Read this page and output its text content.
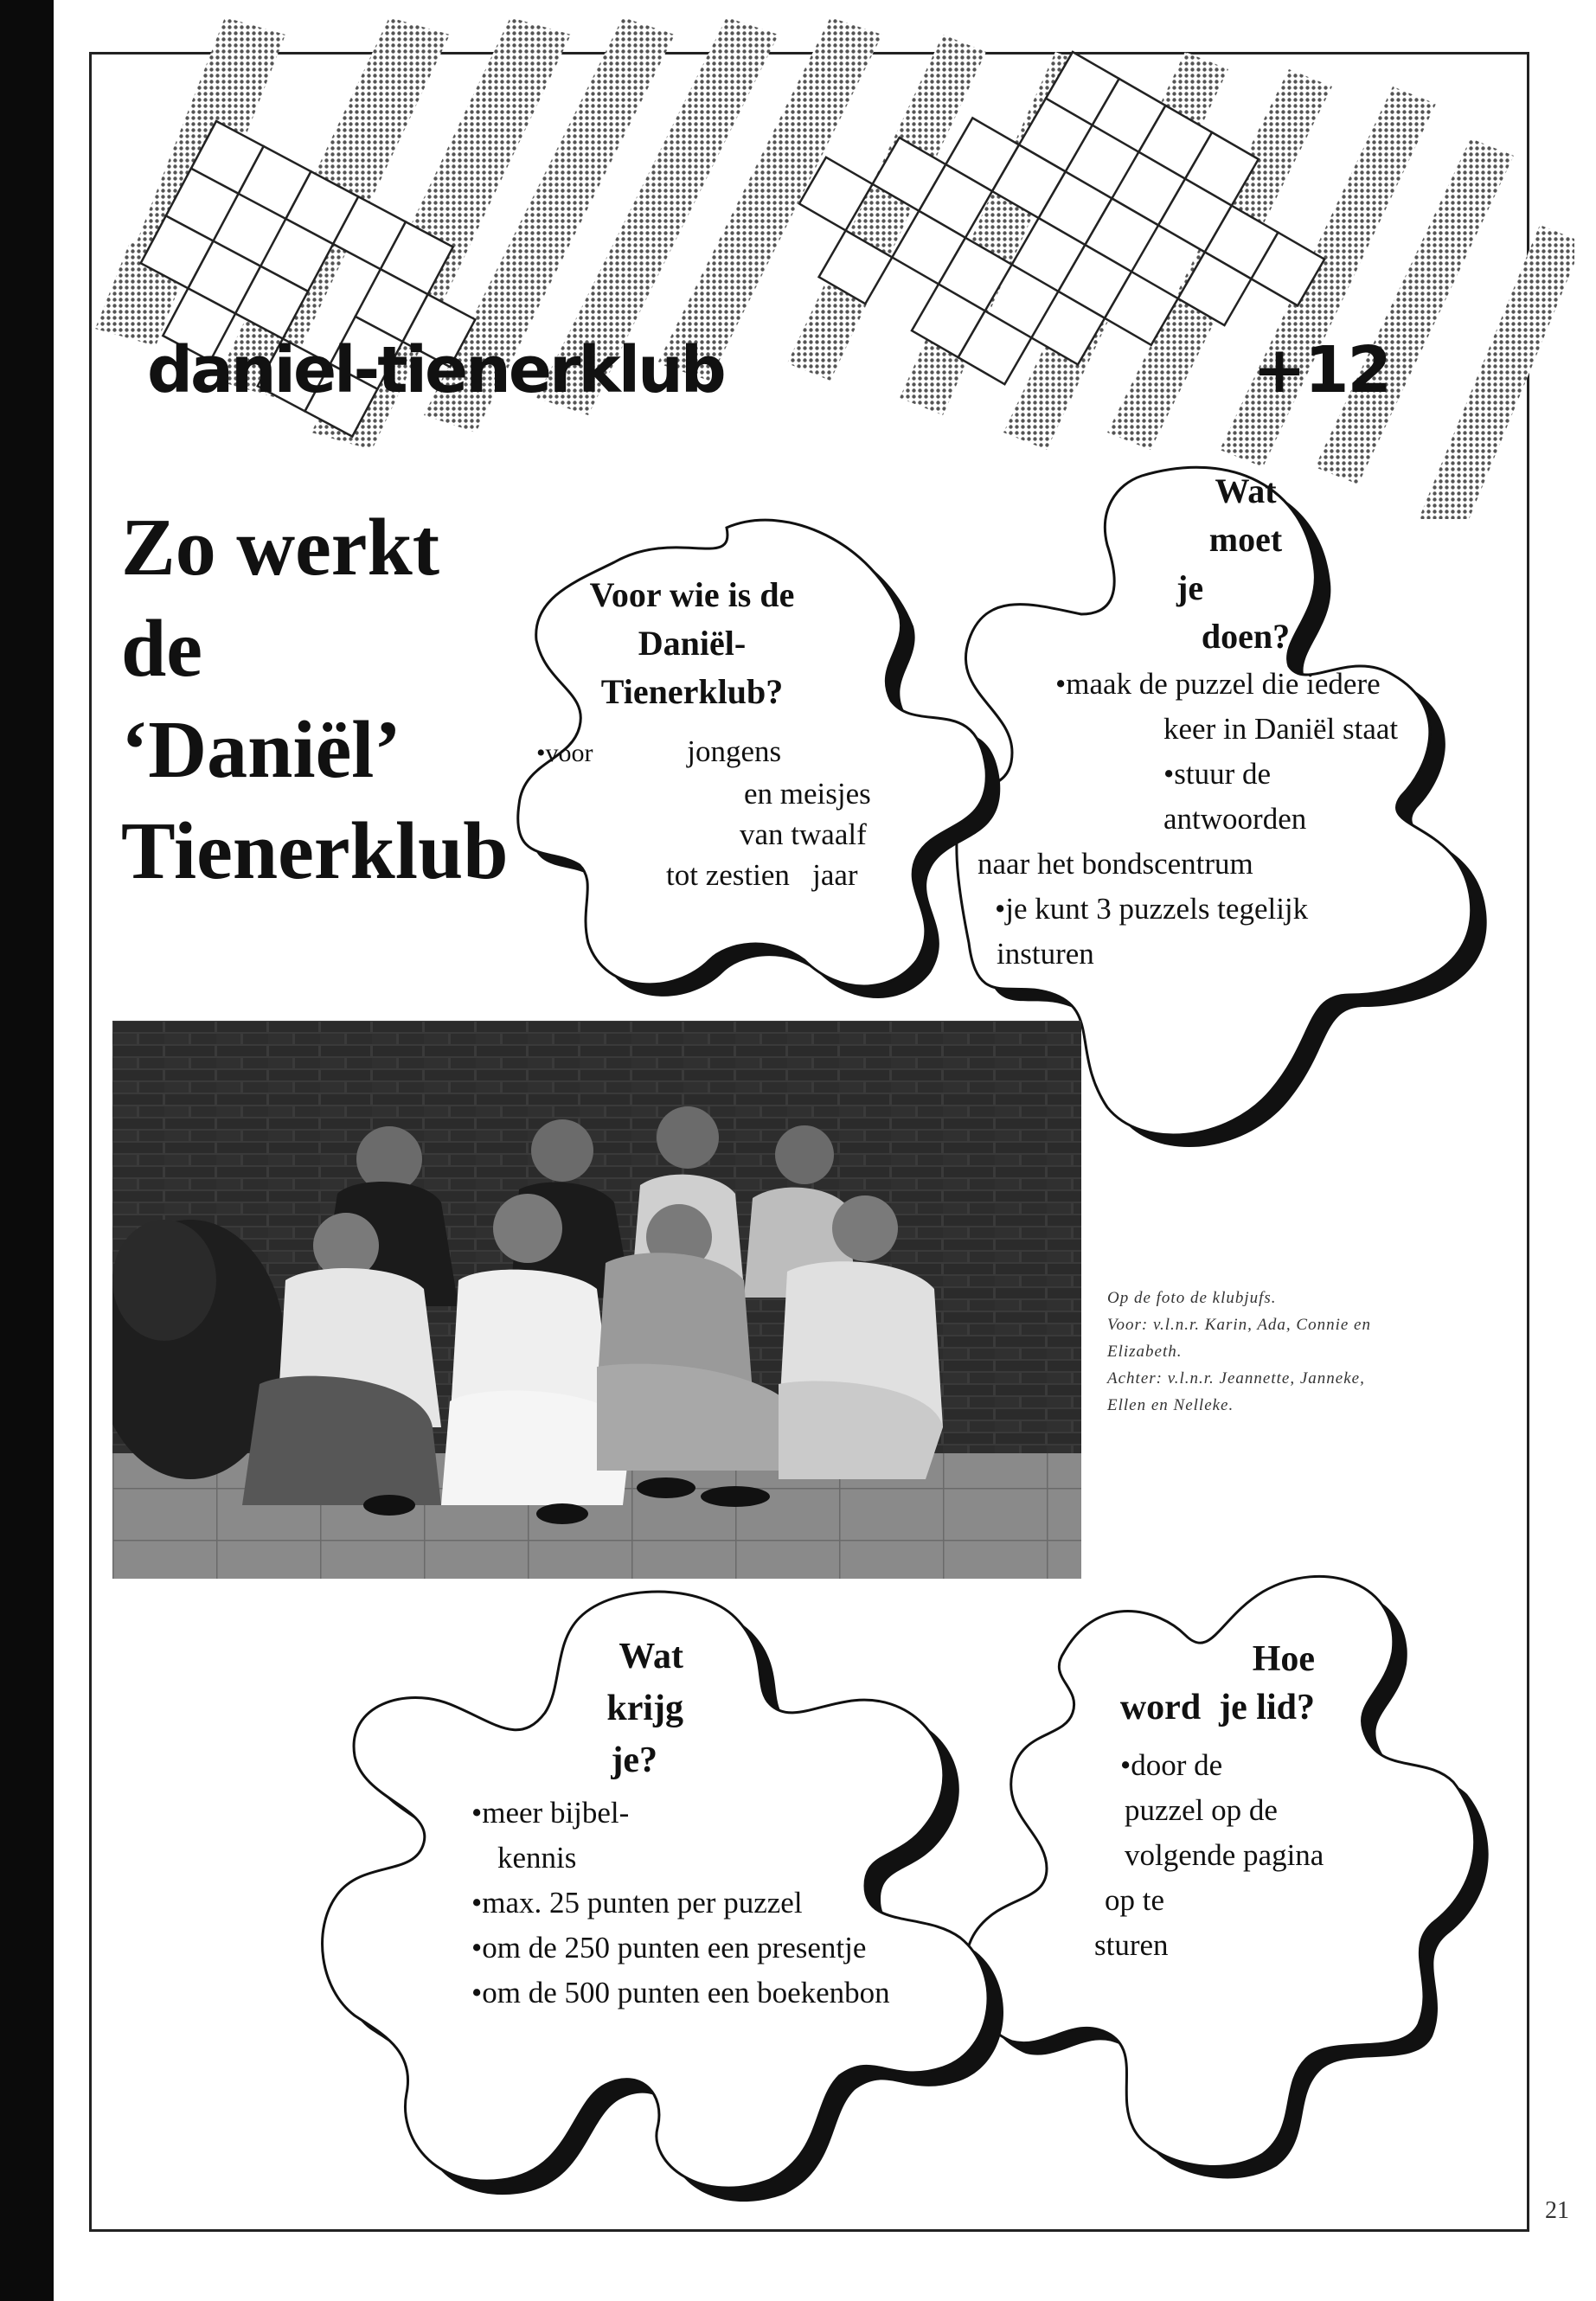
daniel-tienerklub	+12
Zo werkt
de
‘Daniël’
Tienerklub
Wat
moet
je
doen?
•maak de puzzel die iedere
keer in Daniël staat
•stuur de
antwoorden
naar het bondscentrum
•je kunt 3 puzzels tegelijk
insturen
Voor wie is de
Daniël-
Tienerklub?
•voor	jongens
en meisjes
van twaalf
tot zestien   jaar
Op de foto de klubjufs.
Voor: v.l.n.r. Karin, Ada, Connie en
Elizabeth.
Achter: v.l.n.r. Jeannette, Janneke,
Ellen en Nelleke.
Hoe
word  je lid?
•door de
puzzel op de
volgende pagina
op te
sturen
Wat
krijg
je?
•meer bijbel-
kennis
•max. 25 punten per puzzel
•om de 250 punten een presentje
•om de 500 punten een boekenbon
21
